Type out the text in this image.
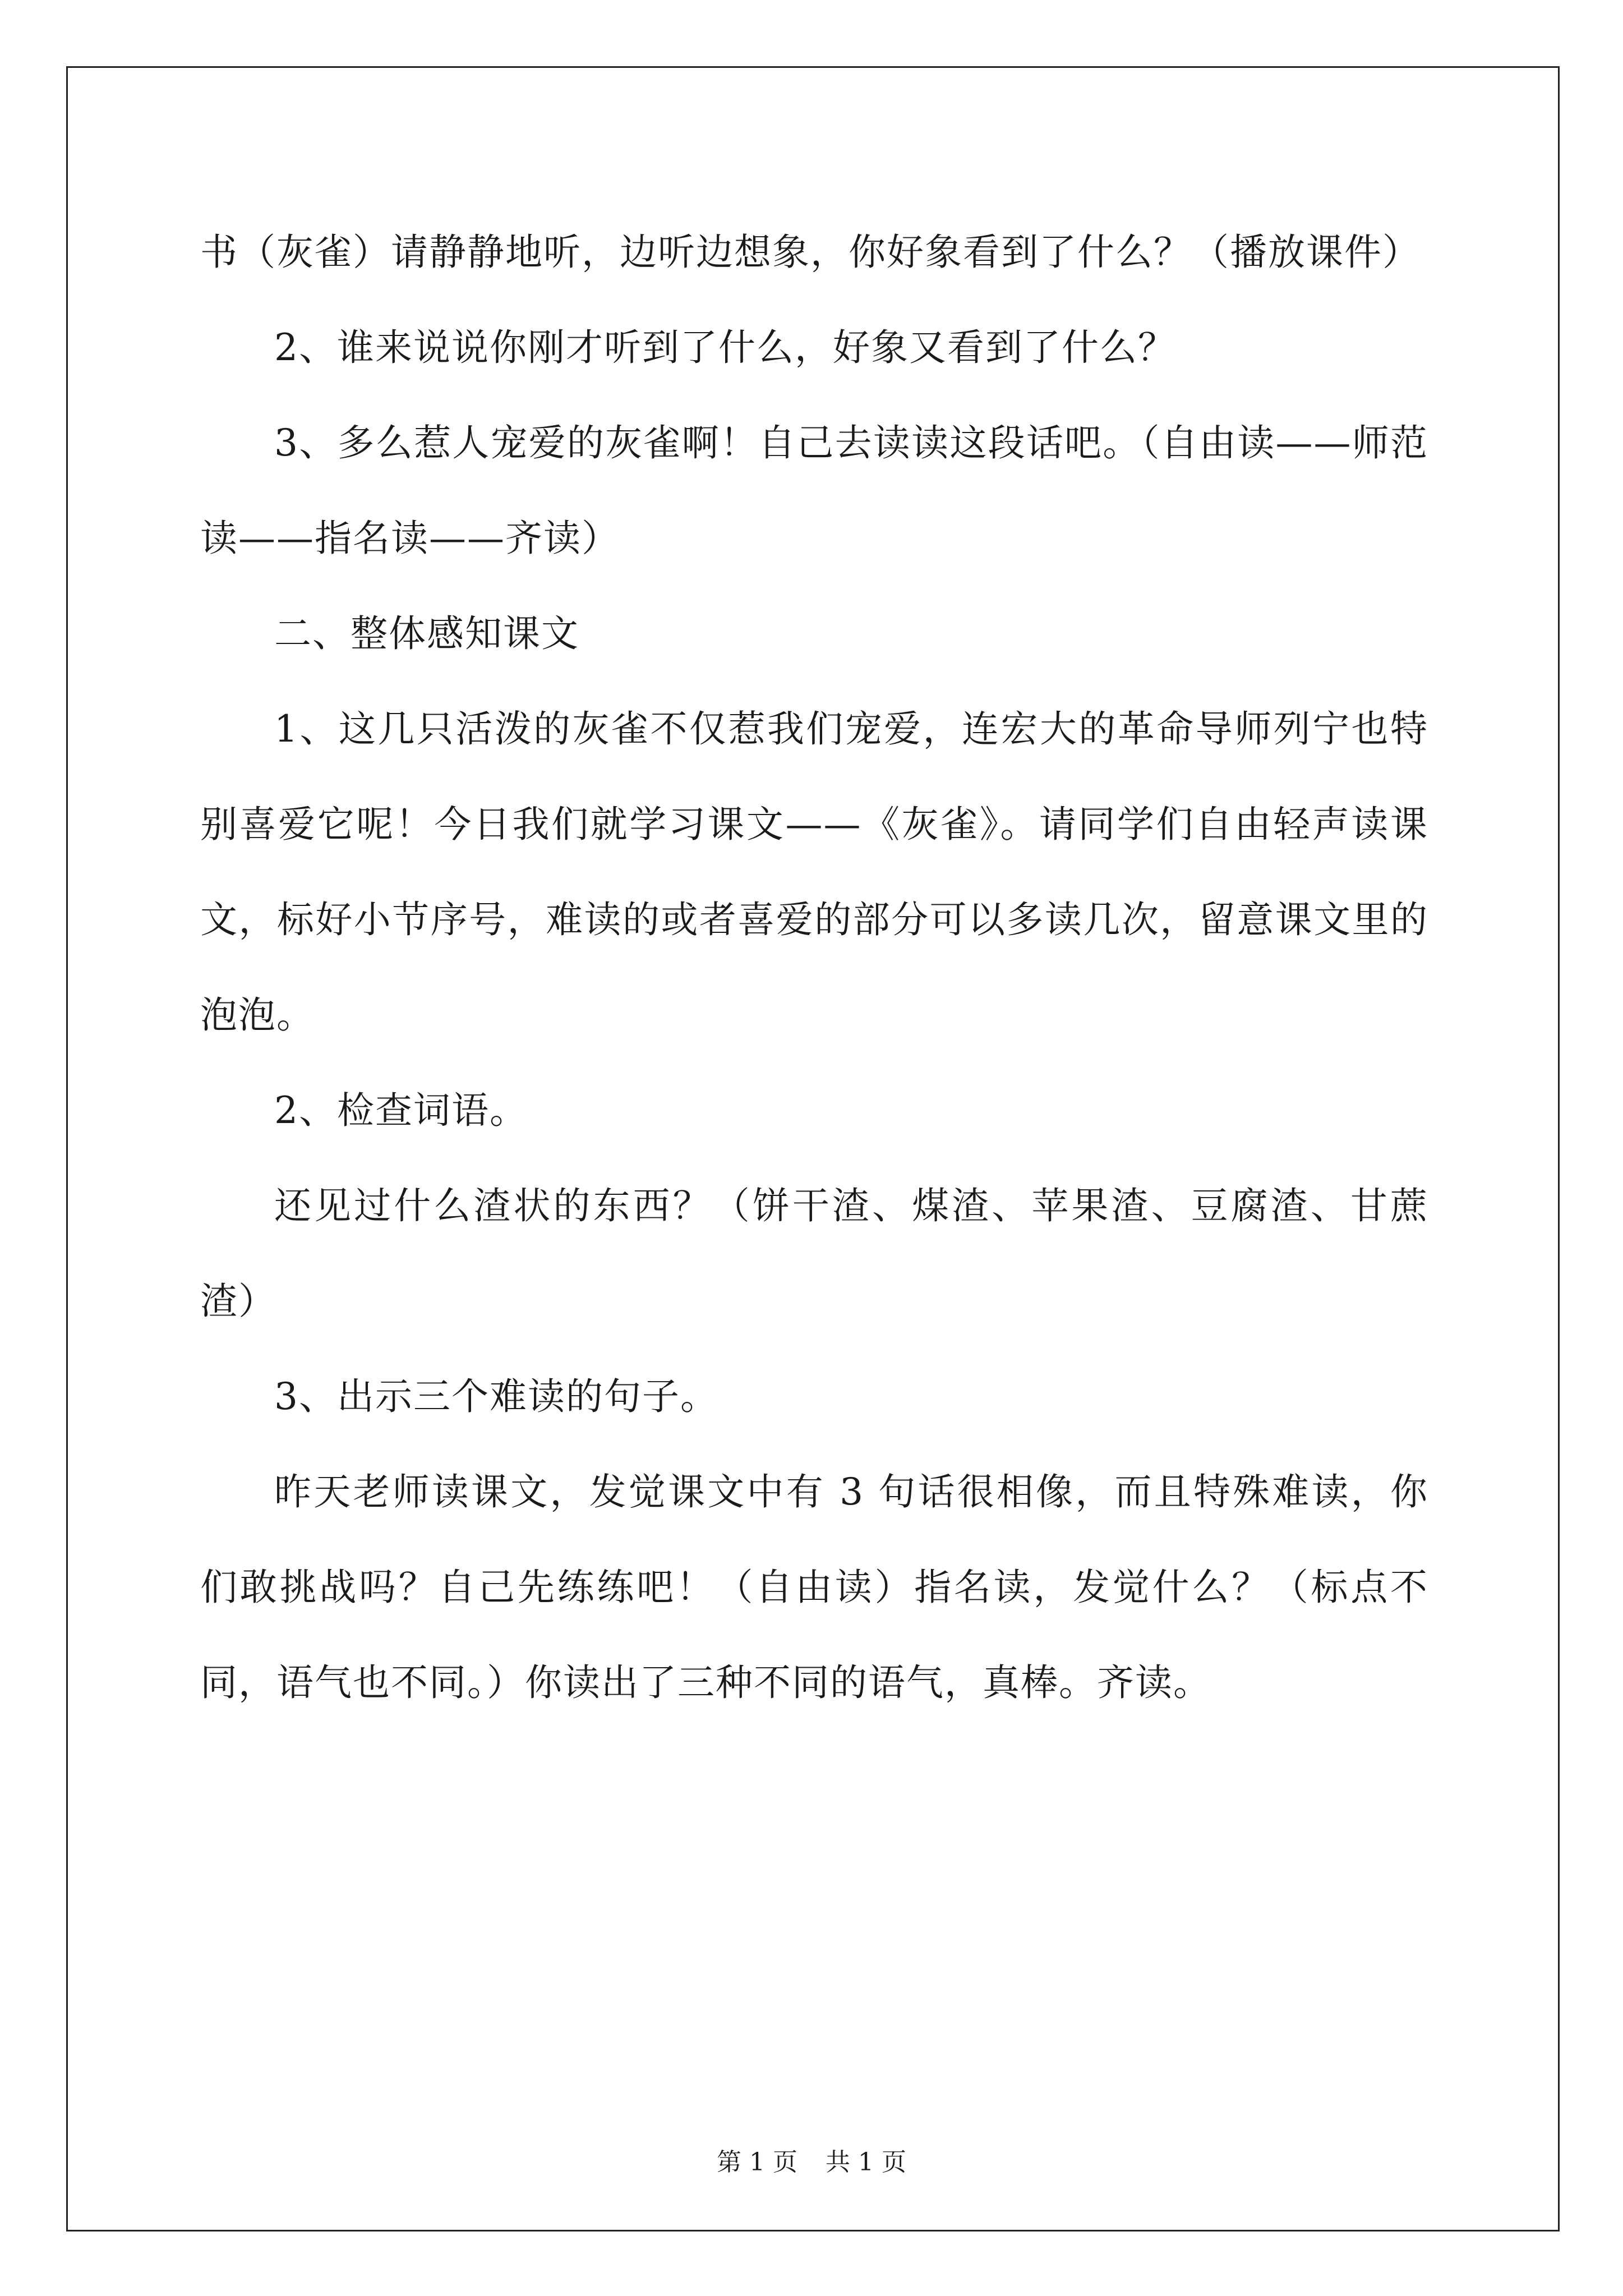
书（灰雀）请静静地听，边听边想象，你好象看到了什么？（播放课件）

2、谁来说说你刚才听到了什么，好象又看到了什么？

3、多么惹人宠爱的灰雀啊！自己去读读这段话吧。（自由读——师范读——指名读——齐读）

二、整体感知课文

1、这几只活泼的灰雀不仅惹我们宠爱，连宏大的革命导师列宁也特别喜爱它呢！今日我们就学习课文——《灰雀》。请同学们自由轻声读课文，标好小节序号，难读的或者喜爱的部分可以多读几次，留意课文里的泡泡。

2、检查词语。

还见过什么渣状的东西？（饼干渣、煤渣、苹果渣、豆腐渣、甘蔗渣）

3、出示三个难读的句子。

昨天老师读课文，发觉课文中有 3 句话很相像，而且特殊难读，你们敢挑战吗？自己先练练吧！（自由读）指名读，发觉什么？（标点不同，语气也不同。）你读出了三种不同的语气，真棒。齐读。

第 1 页 共 1 页
